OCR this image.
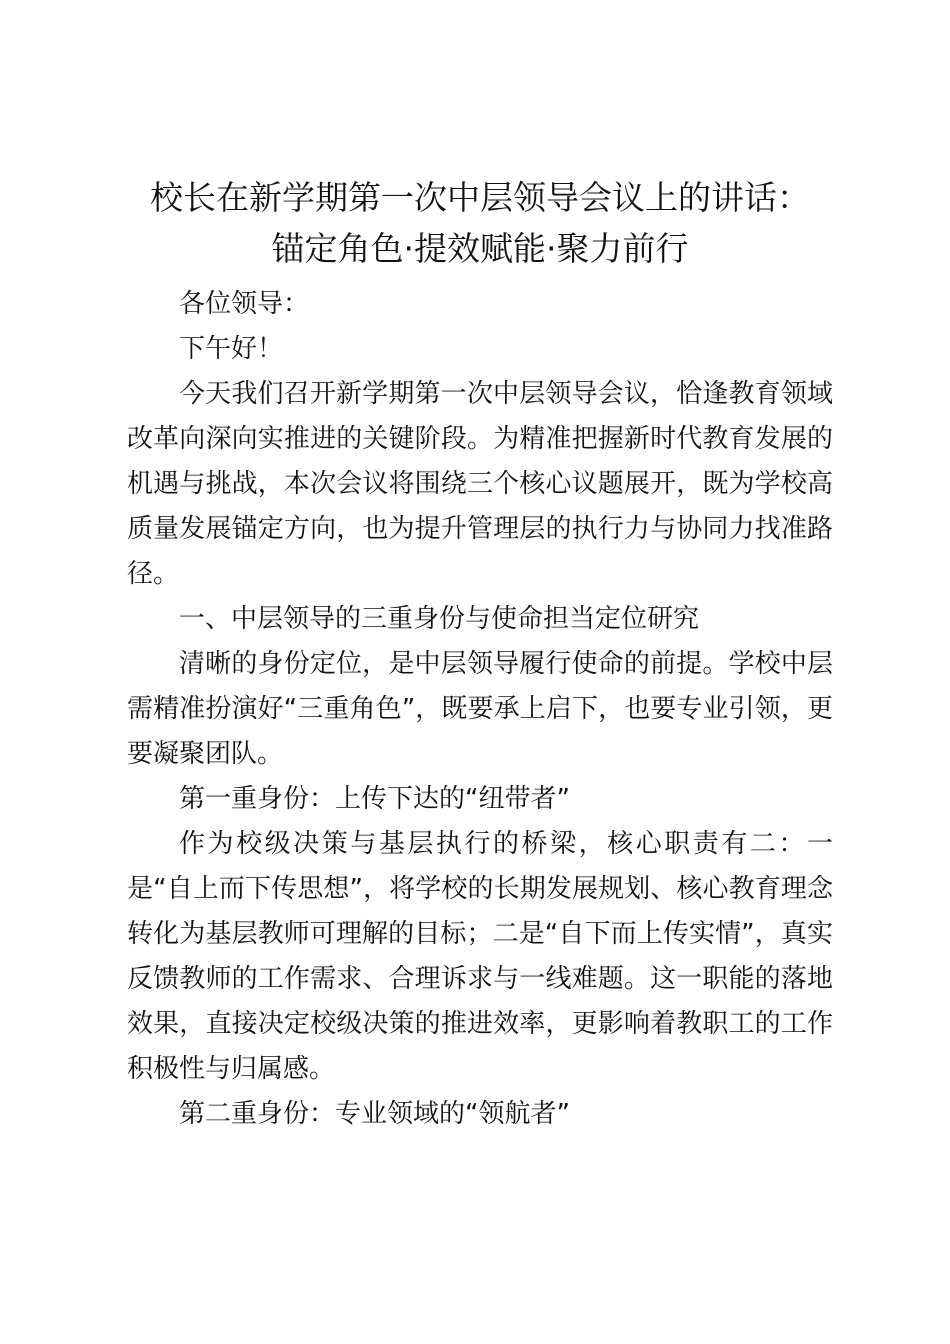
校长在新学期第一次中层领导会议上的讲话：
锚定角色·提效赋能·聚力前行

各位领导：

下午好！

今天我们召开新学期第一次中层领导会议，恰逢教育领域改革向深向实推进的关键阶段。为精准把握新时代教育发展的机遇与挑战，本次会议将围绕三个核心议题展开，既为学校高质量发展锚定方向，也为提升管理层的执行力与协同力找准路径。

一、中层领导的三重身份与使命担当定位研究

清晰的身份定位，是中层领导履行使命的前提。学校中层需精准扮演好“三重角色”，既要承上启下，也要专业引领，更要凝聚团队。

第一重身份：上传下达的“纽带者”

作为校级决策与基层执行的桥梁，核心职责有二：一是“自上而下传思想”，将学校的长期发展规划、核心教育理念转化为基层教师可理解的目标；二是“自下而上传实情”，真实反馈教师的工作需求、合理诉求与一线难题。这一职能的落地效果，直接决定校级决策的推进效率，更影响着教职工的工作积极性与归属感。

第二重身份：专业领域的“领航者”
